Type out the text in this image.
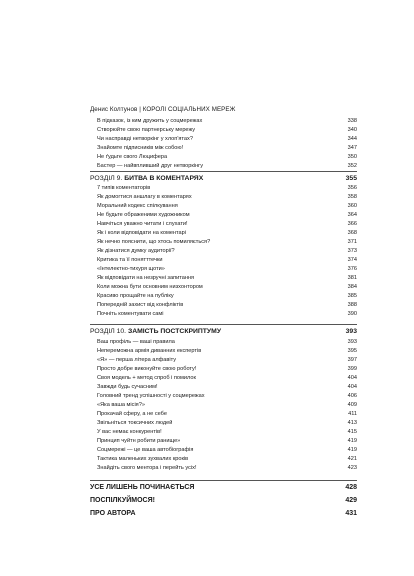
Денис Колтунов | КОРОЛІ СОЦІАЛЬНИХ МЕРЕЖ
В підказок, із ким дружить у соцмережах	338
Створюйте свою партнерську мережу	340
Чи насправді нетворкінг у хлоп'ятах?	344
Знайомте підписників між собою!	347
Не ґудьте свого Люцифера	350
Бастер — найвпливший друг нетворкінгу	352
РОЗДІЛ 9. БИТВА В КОМЕНТАРЯХ	355
7 типів коментаторів	356
Як домогтися аншлагу в коментарях	358
Моральний кодекс спілкування	360
Не будьте ображеними художником	364
Навчіться уважно читати і слухати!	366
Як і коли відповідати на коментарі	368
Як нечно пояснити, що хтось помиляється?	371
Як дізнатися думку аудиторії?	373
Критика та її понятттечки	374
«Інтелектно-тихуря щоти»	376
Як відповідати на незручні запитання	381
Коли можна бути основним низхонтором	384
Красиво прощайте на публіку	385
Попередній захист від конфліктів	388
Почніть коментувати самі	390
РОЗДІЛ 10. ЗАМІСТЬ ПОСТСКРИПТУМУ	393
Ваш профіль — ваші правила	393
Непереможна армія диванних експертів	395
«Я» — перша літера алфавіту	397
Просто добре виконуйте свою роботу!	399
Своя модель + метод спроб і помилок	404
Завжди будь сучасним!	404
Головний тренд успішності у соцмережах	406
«Яка ваша місія?»	409
Прокачай сферу, а не себе	411
Звільніться токсичних людей	413
У вас немає конкурентів!	415
Принцип чуйтн робити ранище»	419
Соцмережі — це ваша автобіографія	419
Тактика маленьких зухвалих кроків	421
Знайдіть свого ментора і перейть усіх!	423
УСЕ ЛИШЕНЬ ПОЧИНАЄТЬСЯ	428
ПОСПІЛКУЙМОСЯ!	429
ПРО АВТОРА	431
